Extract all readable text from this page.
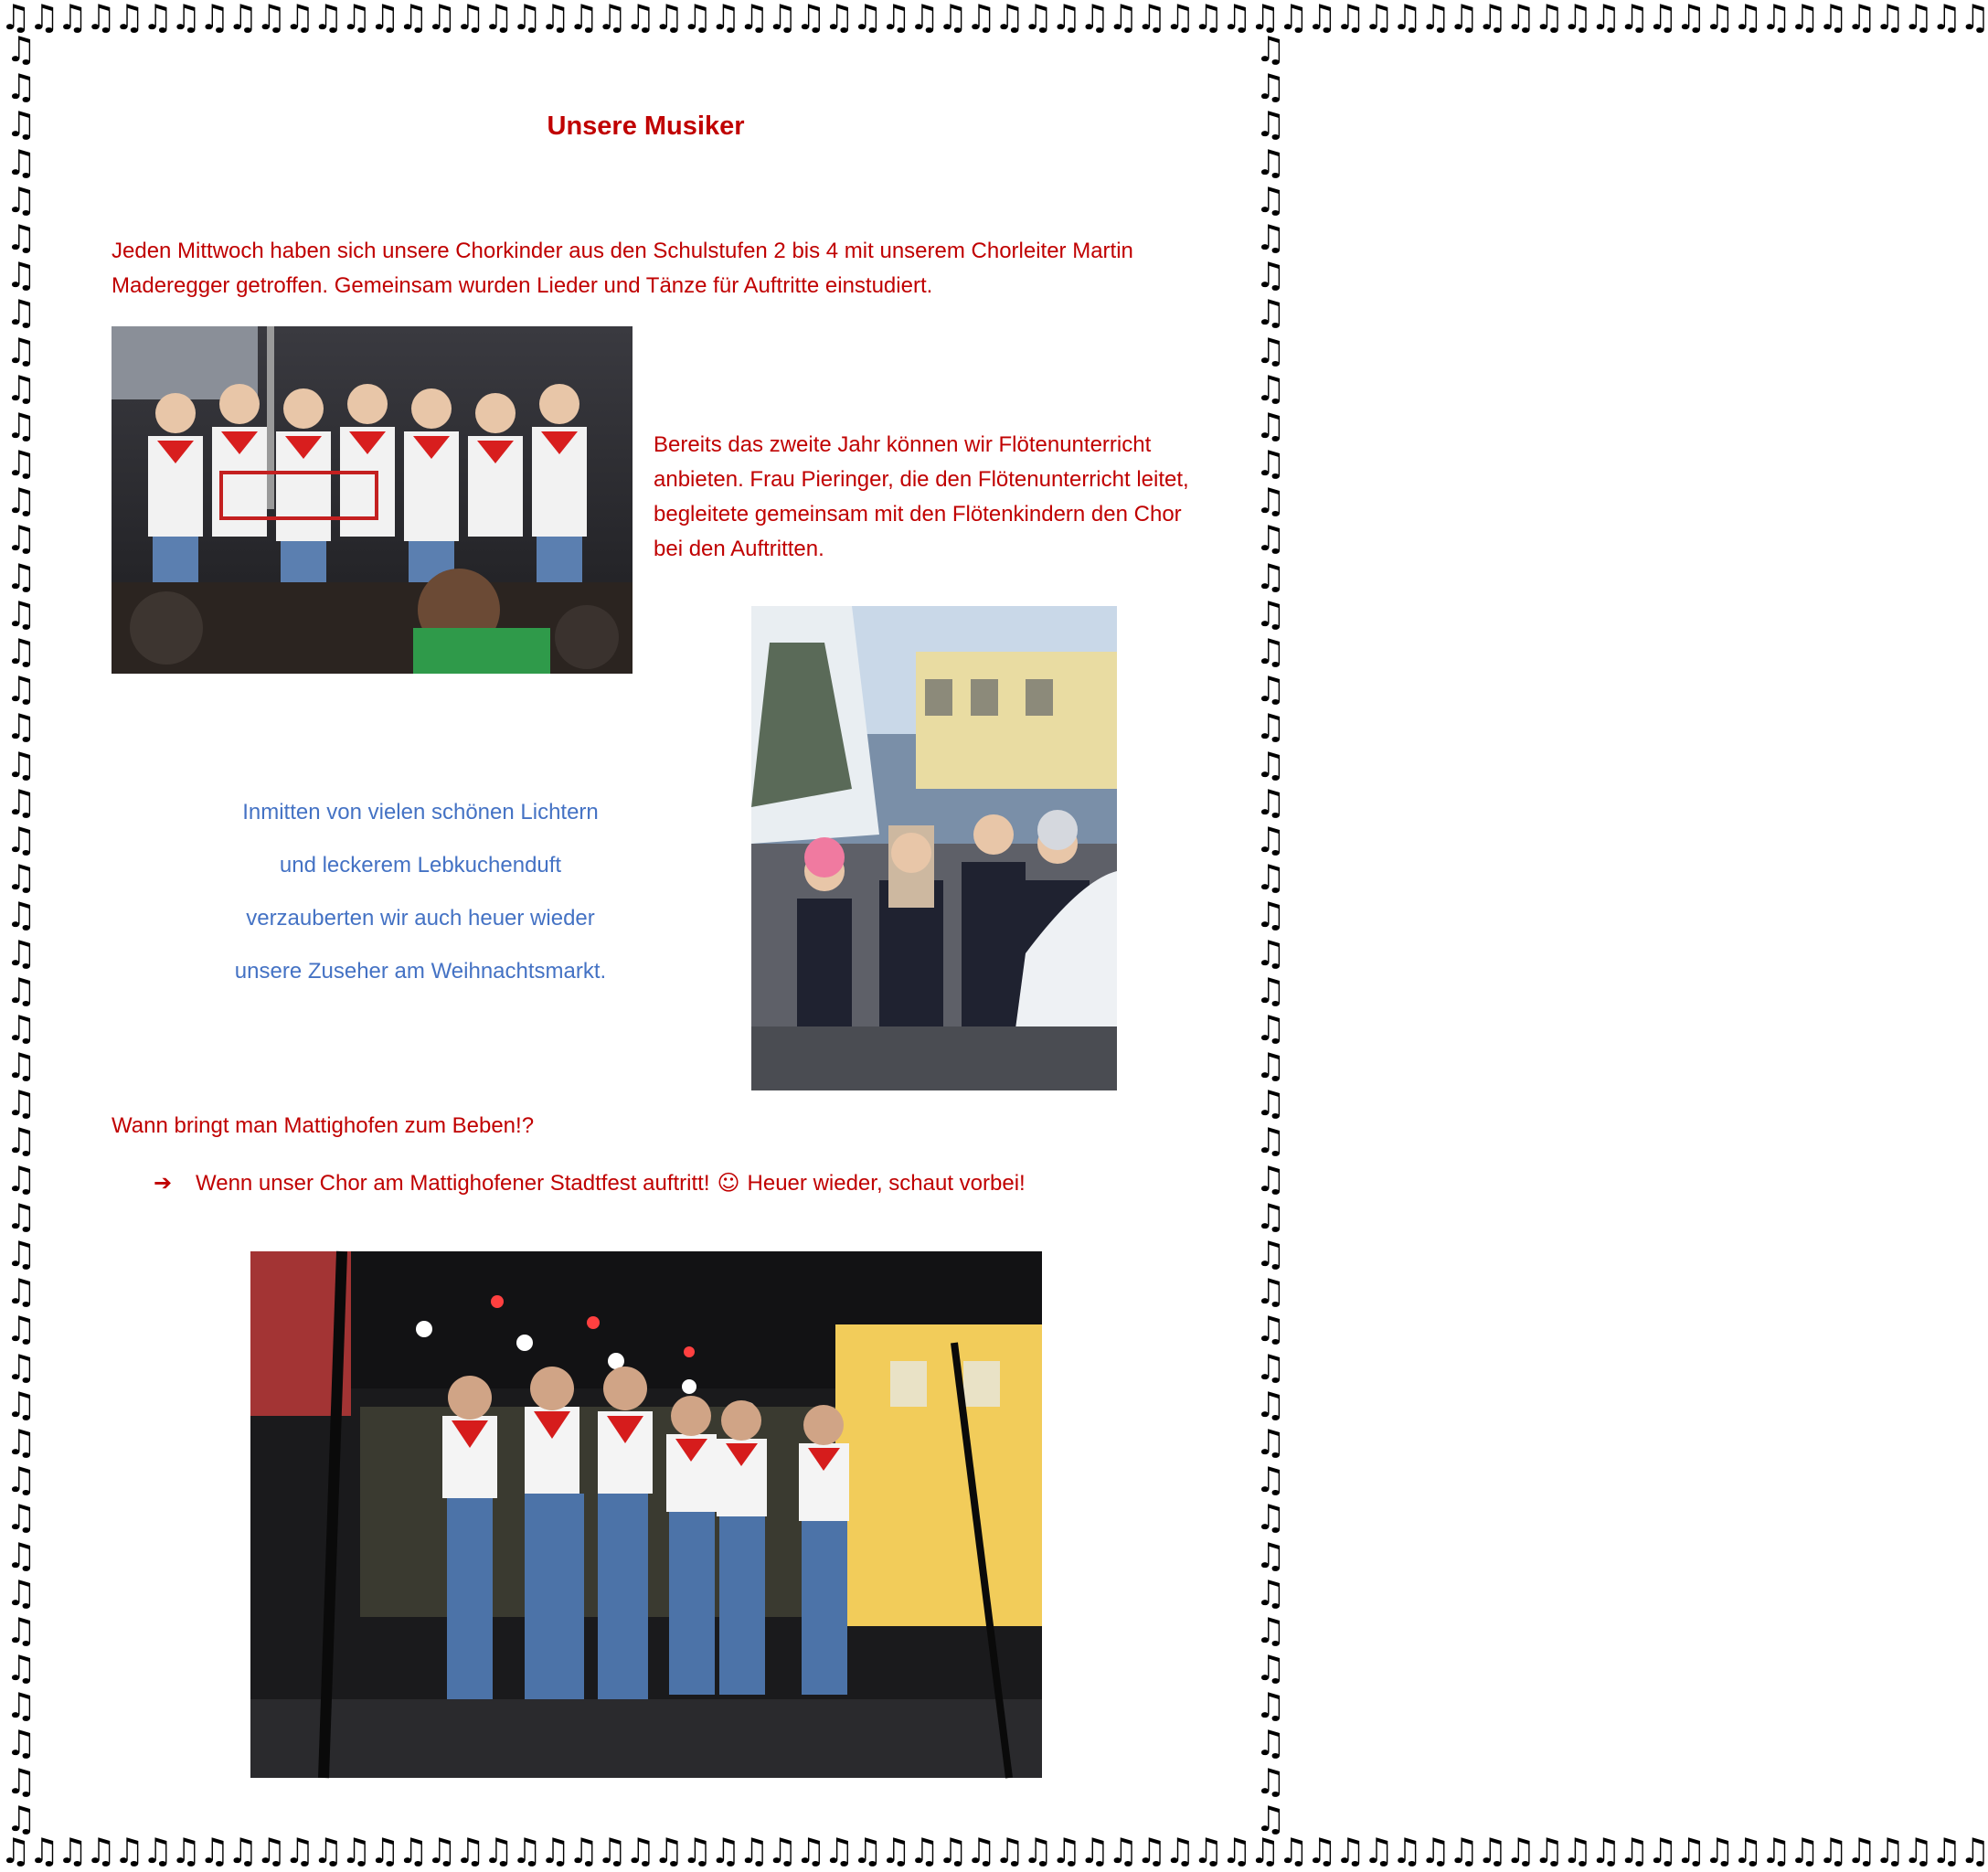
♫♫♫♫♫♫♫♫♫♫♫♫♫♫♫♫♫♫♫♫♫♫♫♫♫♫♫♫♫♫♫♫♫♫♫♫♫♫♫♫♫♫♫♫♫♫♫♫♫♫♫♫♫♫♫♫♫♫♫♫♫♫♫♫♫♫♫♫♫♫
♫♫♫♫♫♫♫♫♫♫♫♫♫♫♫♫♫♫♫♫♫♫♫♫♫♫♫♫♫♫♫♫♫♫♫♫♫♫♫♫♫♫♫♫♫♫♫♫♫♫♫♫♫♫♫♫♫♫♫♫♫♫♫♫♫♫♫♫♫♫
♫
♫
♫
♫
♫
♫
♫
♫
♫
♫
♫
♫
♫
♫
♫
♫
♫
♫
♫
♫
♫
♫
♫
♫
♫
♫
♫
♫
♫
♫
♫
♫
♫
♫
♫
♫
♫
♫
♫
♫
♫
♫
♫
♫
♫
♫
♫
♫
♫
♫
♫
♫
♫
♫
♫
♫
♫
♫
♫
♫
♫
♫
♫
♫
♫
♫
♫
♫
♫
♫
♫
♫
♫
♫
♫
♫
♫
♫
♫
♫
♫
♫
♫
♫
♫
♫
♫
♫
♫
♫
♫
♫
♫
♫
♫
♫
Unsere Musiker
Jeden Mittwoch haben sich unsere Chorkinder aus den Schulstufen 2 bis 4 mit unserem Chorleiter Martin Maderegger getroffen. Gemeinsam wurden Lieder und Tänze für Auftritte einstudiert.
Bereits das zweite Jahr können wir Flötenunterricht anbieten. Frau Pieringer, die den Flötenunterricht leitet, begleitete gemeinsam mit den Flötenkindern den Chor bei den Auftritten.
Inmitten von vielen schönen Lichtern
und leckerem Lebkuchenduft
verzauberten wir auch heuer wieder
unsere Zuseher am Weihnachtsmarkt.
Wann bringt man Mattighofen zum Beben!?
➔ Wenn unser Chor am Mattighofener Stadtfest auftritt! ☺ Heuer wieder, schaut vorbei!
